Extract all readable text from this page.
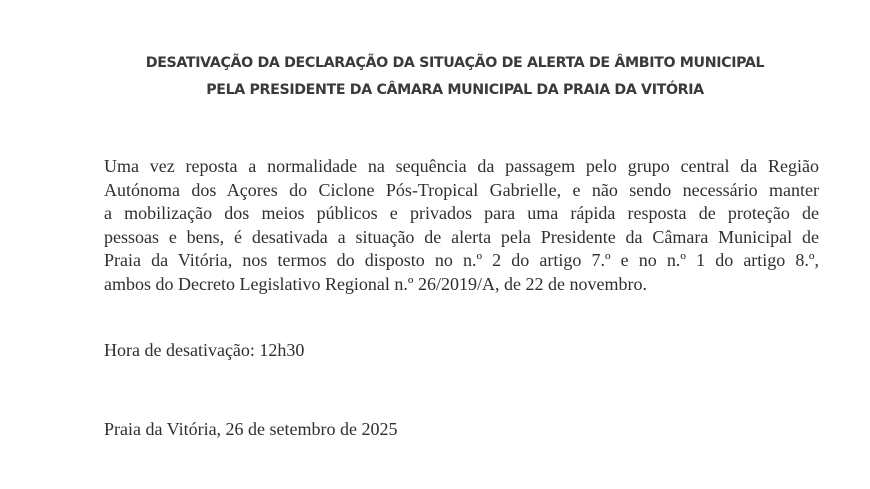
DESATIVAÇÃO DA DECLARAÇÃO DA SITUAÇÃO DE ALERTA DE ÂMBITO MUNICIPAL
PELA PRESIDENTE DA CÂMARA MUNICIPAL DA PRAIA DA VITÓRIA
Uma vez reposta a normalidade na sequência da passagem pelo grupo central da Região
Autónoma dos Açores do Ciclone Pós-Tropical Gabrielle, e não sendo necessário manter
a mobilização dos meios públicos e privados para uma rápida resposta de proteção de
pessoas e bens, é desativada a situação de alerta pela Presidente da Câmara Municipal de
Praia da Vitória, nos termos do disposto no n.º 2 do artigo 7.º e no n.º 1 do artigo 8.º,
ambos do Decreto Legislativo Regional n.º 26/2019/A, de 22 de novembro.
Hora de desativação: 12h30
Praia da Vitória, 26 de setembro de 2025
